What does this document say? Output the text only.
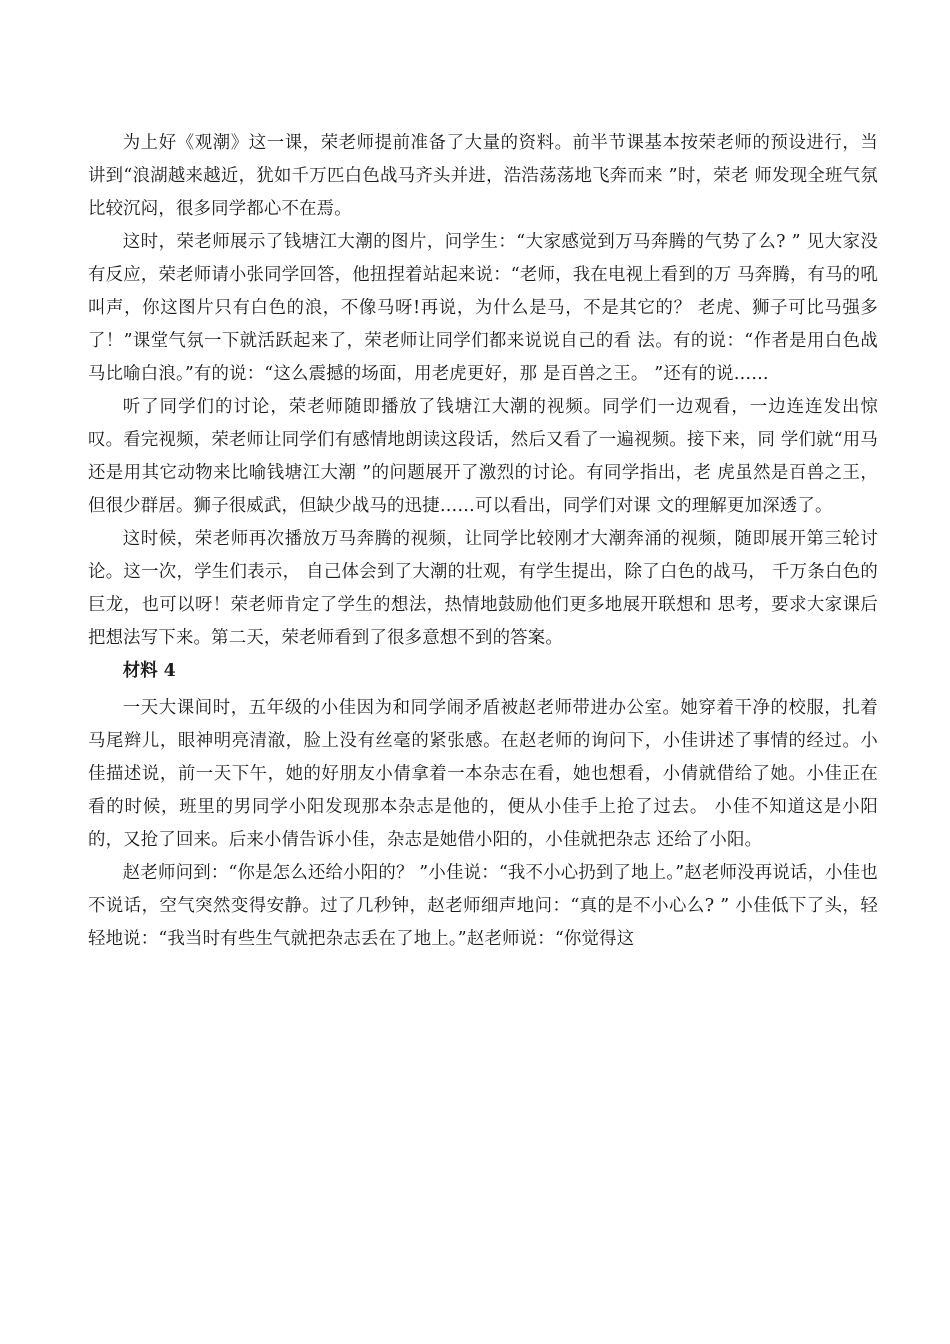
为上好《观潮》这一课，荣老师提前准备了大量的资料。前半节课基本按荣老师的预设进行，当讲到“浪湖越来越近，犹如千万匹白色战马齐头并进，浩浩荡荡地飞奔而来 ”时，荣老 师发现全班气氛比较沉闷，很多同学都心不在焉。

这时，荣老师展示了钱塘江大潮的图片，问学生：“大家感觉到万马奔腾的气势了么? ” 见大家没有反应，荣老师请小张同学回答，他扭捏着站起来说：“老师，我在电视上看到的万 马奔腾，有马的吼叫声，你这图片只有白色的浪，不像马呀!再说，为什么是马，不是其它的？ 老虎、狮子可比马强多了！”课堂气氛一下就活跃起来了，荣老师让同学们都来说说自己的看 法。有的说：“作者是用白色战马比喻白浪。”有的说：“这么震撼的场面，用老虎更好，那 是百兽之王。 ”还有的说……

听了同学们的讨论，荣老师随即播放了钱塘江大潮的视频。同学们一边观看，一边连连发出惊叹。看完视频，荣老师让同学们有感情地朗读这段话，然后又看了一遍视频。接下来，同 学们就“用马还是用其它动物来比喻钱塘江大潮 ”的问题展开了激烈的讨论。有同学指出，老 虎虽然是百兽之王，但很少群居。狮子很威武，但缺少战马的迅捷……可以看出，同学们对课 文的理解更加深透了。

这时候，荣老师再次播放万马奔腾的视频，让同学比较刚才大潮奔涌的视频，随即展开第三轮讨论。这一次，学生们表示， 自己体会到了大潮的壮观，有学生提出，除了白色的战马， 千万条白色的巨龙，也可以呀！荣老师肯定了学生的想法，热情地鼓励他们更多地展开联想和 思考，要求大家课后把想法写下来。第二天，荣老师看到了很多意想不到的答案。

材料 4

一天大课间时，五年级的小佳因为和同学闹矛盾被赵老师带进办公室。她穿着干净的校服，扎着马尾辫儿，眼神明亮清澈，脸上没有丝毫的紧张感。在赵老师的询问下，小佳讲述了事情的经过。小佳描述说，前一天下午，她的好朋友小倩拿着一本杂志在看，她也想看，小倩就借给了她。小佳正在看的时候，班里的男同学小阳发现那本杂志是他的，便从小佳手上抢了过去。 小佳不知道这是小阳的，又抢了回来。后来小倩告诉小佳，杂志是她借小阳的，小佳就把杂志 还给了小阳。

赵老师问到：“你是怎么还给小阳的？ ”小佳说：“我不小心扔到了地上。”赵老师没再说话，小佳也不说话，空气突然变得安静。过了几秒钟，赵老师细声地问：“真的是不小心么? ” 小佳低下了头，轻轻地说：“我当时有些生气就把杂志丢在了地上。”赵老师说：“你觉得这
